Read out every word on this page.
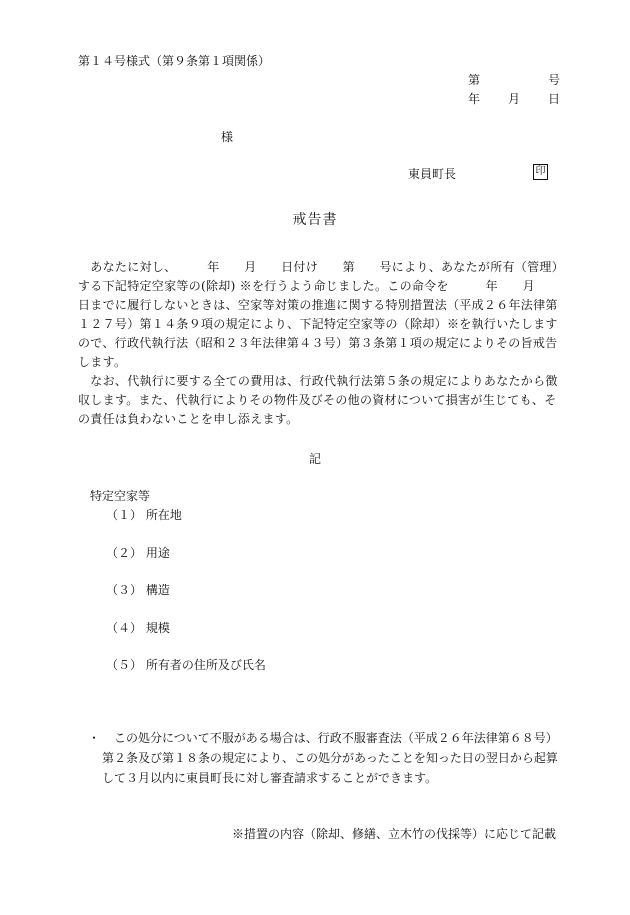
第１４号様式（第９条第１項関係）
第	号
年 月 日
様
東員町長	印
戒告書

　あなたに対し、　　　年　　月　　日付け　　第　　号により、あなたが所有（管理）する下記特定空家等の(除却) ※を行うよう命じました。この命令を　　　年　　月　　日までに履行しないときは、空家等対策の推進に関する特別措置法（平成２６年法律第１２７号）第１４条９項の規定により、下記特定空家等の（除却）※を執行いたしますので、行政代執行法（昭和２３年法律第４３号）第３条第１項の規定によりその旨戒告します。

　なお、代執行に要する全ての費用は、行政代執行法第５条の規定によりあなたから徴収します。また、代執行によりその物件及びその他の資材について損害が生じても、その責任は負わないことを申し添えます。

記
特定空家等
（１） 所在地
（２） 用途
（３） 構造
（４） 規模
（５） 所有者の住所及び氏名
・ 　この処分について不服がある場合は、行政不服審査法（平成２６年法律第６８号）第２条及び第１８条の規定により、この処分があったことを知った日の翌日から起算して３月以内に東員町長に対し審査請求することができます。
※措置の内容（除却、修繕、立木竹の伐採等）に応じて記載
